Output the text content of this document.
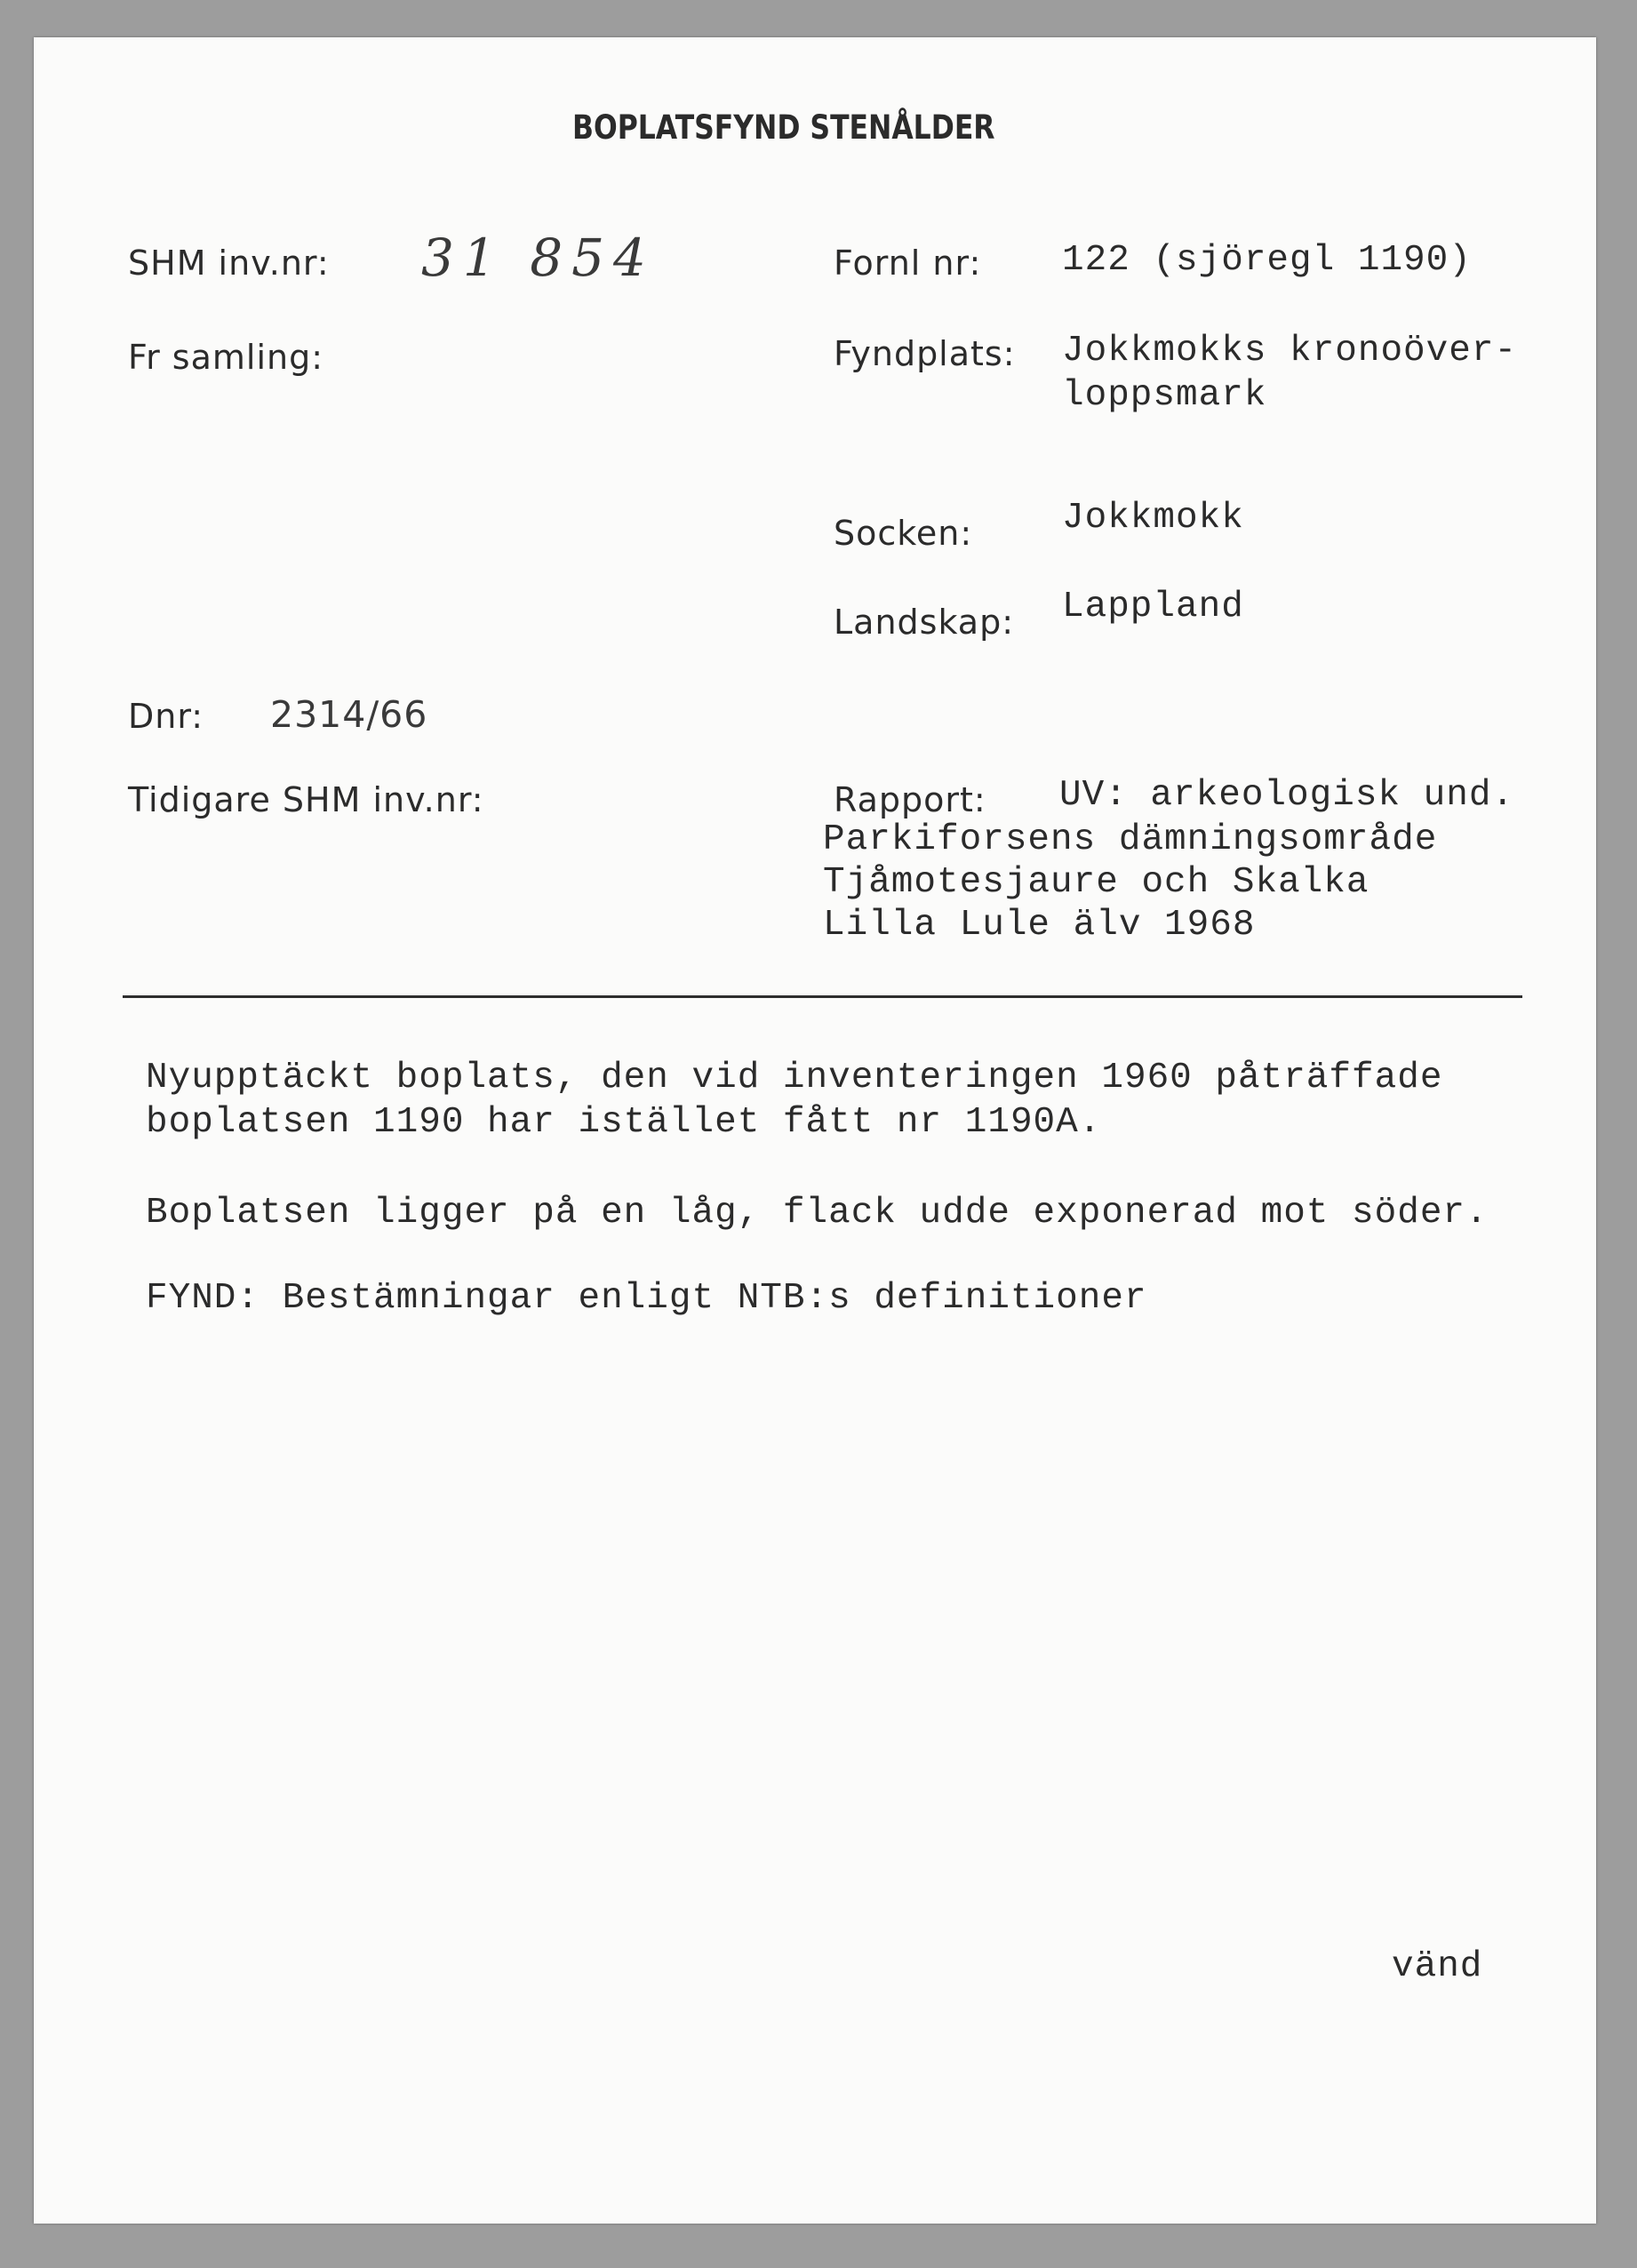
BOPLATSFYND STENÅLDER
SHM inv.nr: 31 854
Fr samling:
Dnr: 2314/66
Tidigare SHM inv.nr:
Fornl nr: 122 (sjöregl 1190)
Fyndplats: Jokkmokks kronoöver-
loppsmark
Socken: Jokkmokk
Landskap: Lappland
Rapport: UV: arkeologisk und.
Parkiforsens dämningsområde
Tjåmotesjaure och Skalka
Lilla Lule älv 1968
Nyupptäckt boplats, den vid inventeringen 1960 påträffade
boplatsen 1190 har istället fått nr 1190A.
Boplatsen ligger på en låg, flack udde exponerad mot söder.
FYND: Bestämningar enligt NTB:s definitioner
vänd
